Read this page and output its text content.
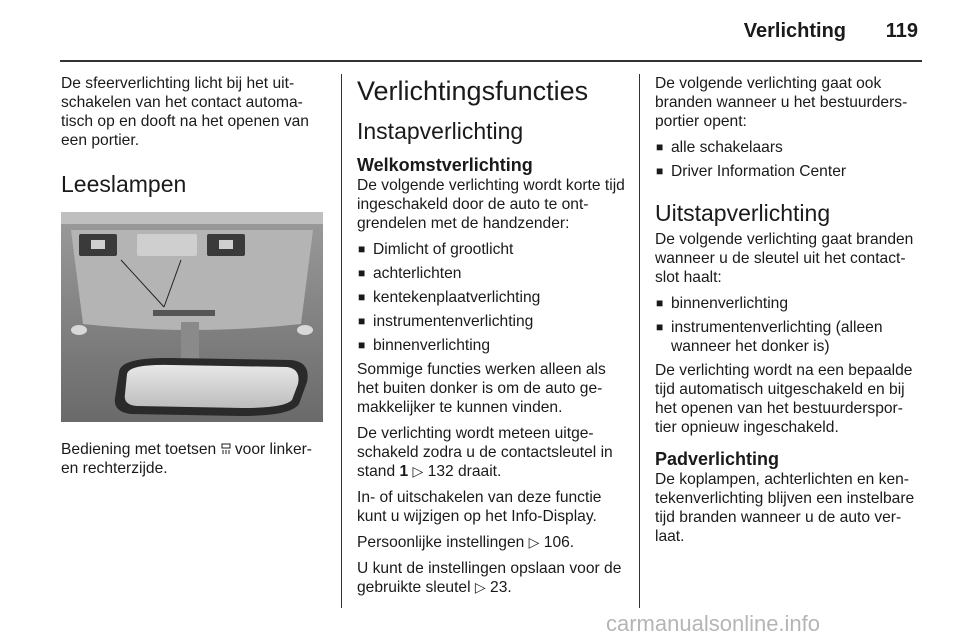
Verlichting 119

De sfeerverlichting licht bij het uit-schakelen van het contact automa-tisch op en dooft na het openen van een portier.

Leeslampen

Bediening met toetsen voor linker- en rechterzijde.

Verlichtingsfuncties
Instapverlichting
Welkomstverlichting

De volgende verlichting wordt korte tijd ingeschakeld door de auto te ont-grendelen met de handzender:

■ Dimlicht of grootlicht
■ achterlichten
■ kentekenplaatverlichting
■ instrumentenverlichting
■ binnenverlichting

Sommige functies werken alleen als het buiten donker is om de auto ge-makkelijker te kunnen vinden.

De verlichting wordt meteen uitge-schakeld zodra u de contactsleutel in stand 1 ▷ 132 draait.

In- of uitschakelen van deze functie kunt u wijzigen op het Info-Display.

Persoonlijke instellingen ▷ 106.

U kunt de instellingen opslaan voor de gebruikte sleutel ▷ 23.

De volgende verlichting gaat ook branden wanneer u het bestuurders-portier opent:

■ alle schakelaars
■ Driver Information Center
Uitstapverlichting

De volgende verlichting gaat branden wanneer u de sleutel uit het contact-slot haalt:

■ binnenverlichting
■ instrumentenverlichting (alleen wanneer het donker is)

De verlichting wordt na een bepaalde tijd automatisch uitgeschakeld en bij het openen van het bestuurderspor-tier opnieuw ingeschakeld.

Padverlichting

De koplampen, achterlichten en ken-tekenverlichting blijven een instelbare tijd branden wanneer u de auto ver-laat.

carmanualsonline.info
